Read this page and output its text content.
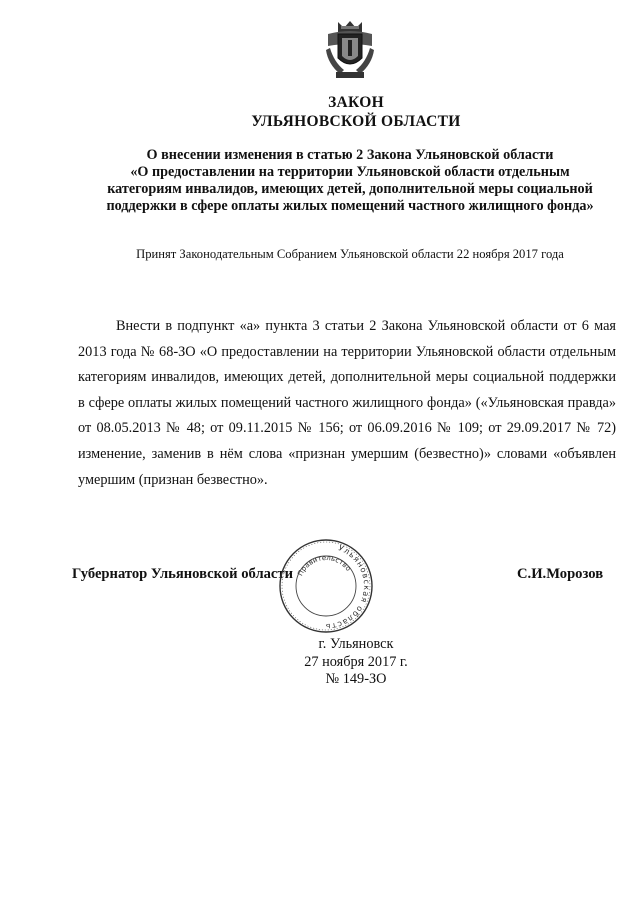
ЗАКОН
УЛЬЯНОВСКОЙ ОБЛАСТИ
О внесении изменения в статью 2 Закона Ульяновской области
«О предоставлении на территории Ульяновской области отдельным
категориям инвалидов, имеющих детей, дополнительной меры социальной
поддержки в сфере оплаты жилых помещений частного жилищного фонда»
Принят Законодательным Собранием Ульяновской области 22 ноября 2017 года
Внести в подпункт «а» пункта 3 статьи 2 Закона Ульяновской области от 6 мая 2013 года № 68-ЗО «О предоставлении на территории Ульяновской области отдельным категориям инвалидов, имеющих детей, дополнительной меры социальной поддержки в сфере оплаты жилых помещений частного жилищного фонда» («Ульяновская правда» от 08.05.2013 № 48; от 09.11.2015 № 156; от 06.09.2016 № 109; от 29.09.2017 № 72) изменение, заменив в нём слова «признан умершим (безвестно)» словами «объявлен умершим (признан безвестно».
Губернатор Ульяновской области	С.И.Морозов
Ульяновская область
Правительство
г. Ульяновск
27 ноября 2017 г.
№ 149-ЗО
